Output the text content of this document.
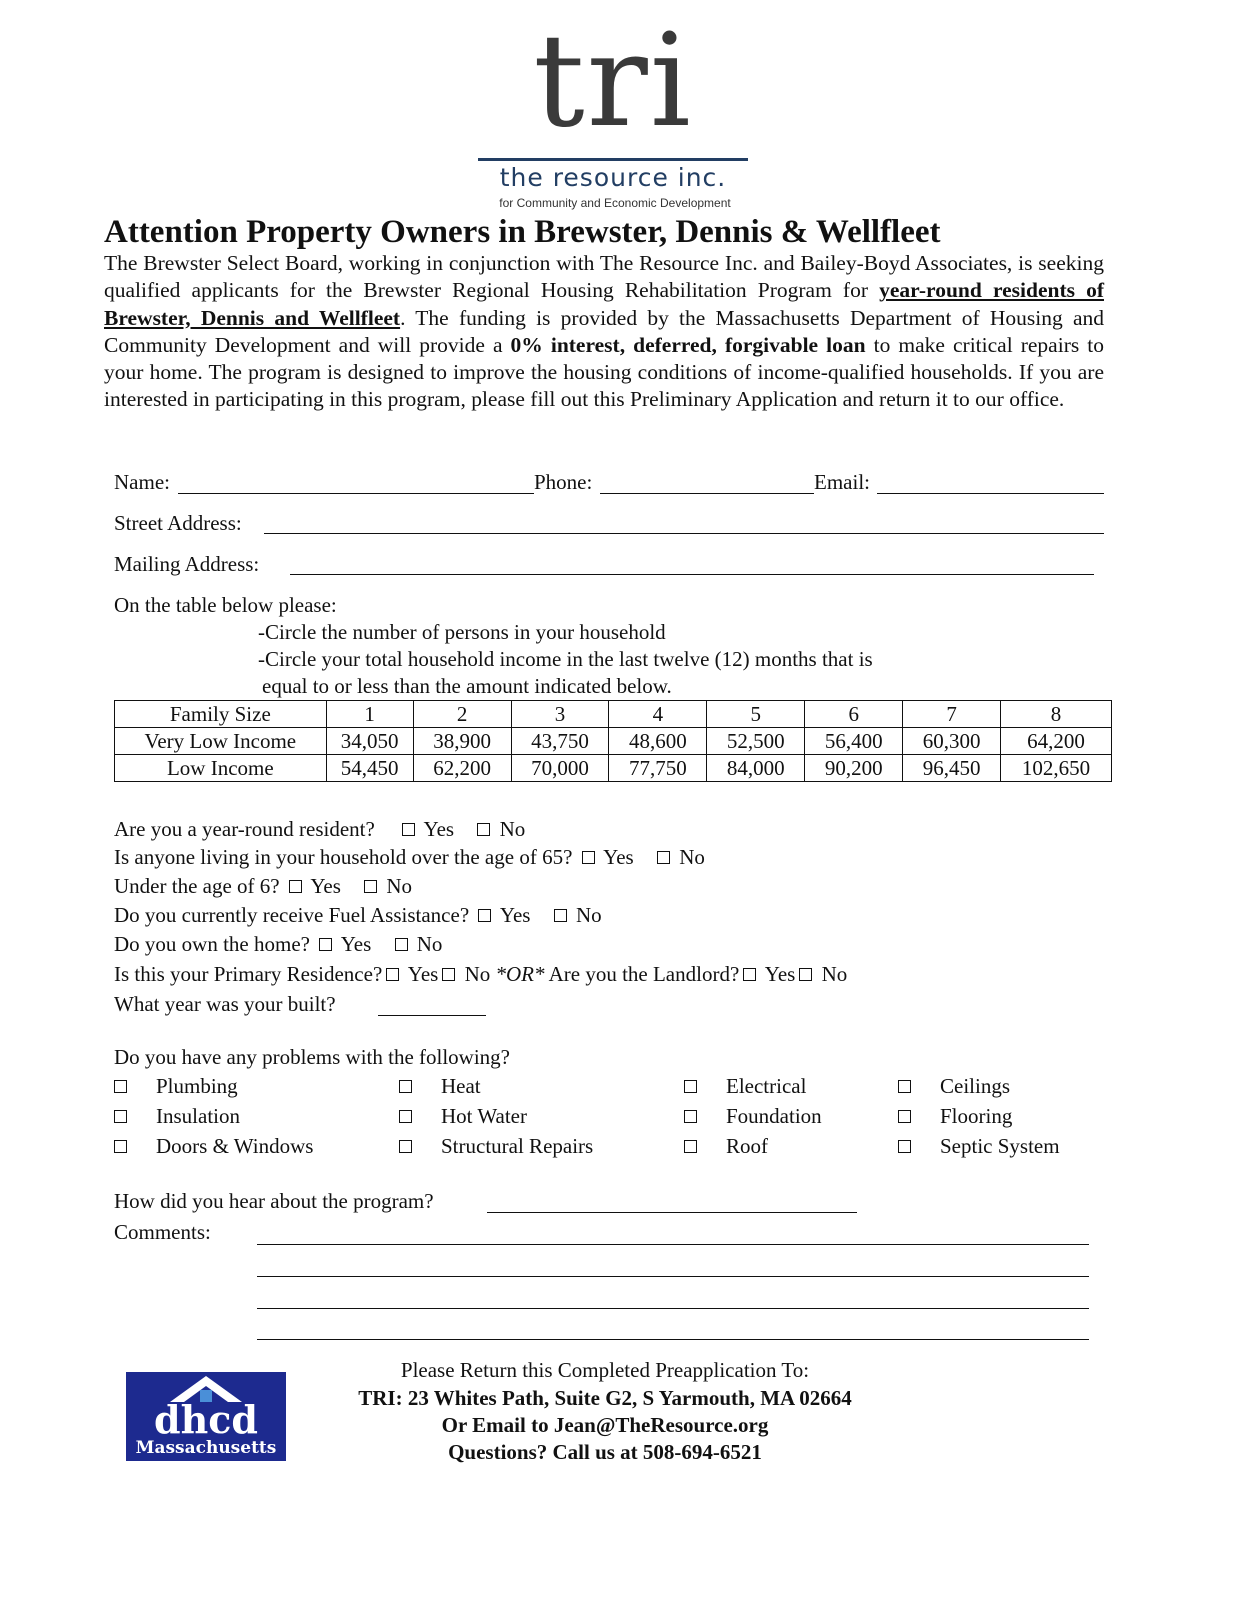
tri
the resource inc.
for Community and Economic Development
Attention Property Owners in Brewster, Dennis & Wellfleet
The Brewster Select Board, working in conjunction with The Resource Inc. and Bailey-Boyd Associates, is seeking qualified applicants for the Brewster Regional Housing Rehabilitation Program for year-round residents of Brewster, Dennis and Wellfleet. The funding is provided by the Massachusetts Department of Housing and Community Development and will provide a 0% interest, deferred, forgivable loan to make critical repairs to your home. The program is designed to improve the housing conditions of income-qualified households. If you are interested in participating in this program, please fill out this Preliminary Application and return it to our office.
Name:	Phone:	Email:
Street Address:
Mailing Address:
On the table below please:
-Circle the number of persons in your household
-Circle your total household income in the last twelve (12) months that is
equal to or less than the amount indicated below.
Family Size	1	2	3	4	5	6	7	8
Very Low Income	34,050	38,900	43,750	48,600	52,500	56,400	60,300	64,200
Low Income	54,450	62,200	70,000	77,750	84,000	90,200	96,450	102,650
Are you a year-round resident? Yes No
Is anyone living in your household over the age of 65? Yes No
Under the age of 6? Yes No
Do you currently receive Fuel Assistance? Yes No
Do you own the home? Yes No
Is this your Primary Residence? Yes No *OR* Are you the Landlord? Yes No
What year was your built?
Do you have any problems with the following?
Plumbing	Heat	Electrical	Ceilings
Insulation	Hot Water	Foundation	Flooring
Doors & Windows	Structural Repairs	Roof	Septic System
How did you hear about the program?
Comments:
dhcd
Massachusetts
Please Return this Completed Preapplication To:
TRI: 23 Whites Path, Suite G2, S Yarmouth, MA 02664
Or Email to Jean@TheResource.org
Questions? Call us at 508-694-6521
